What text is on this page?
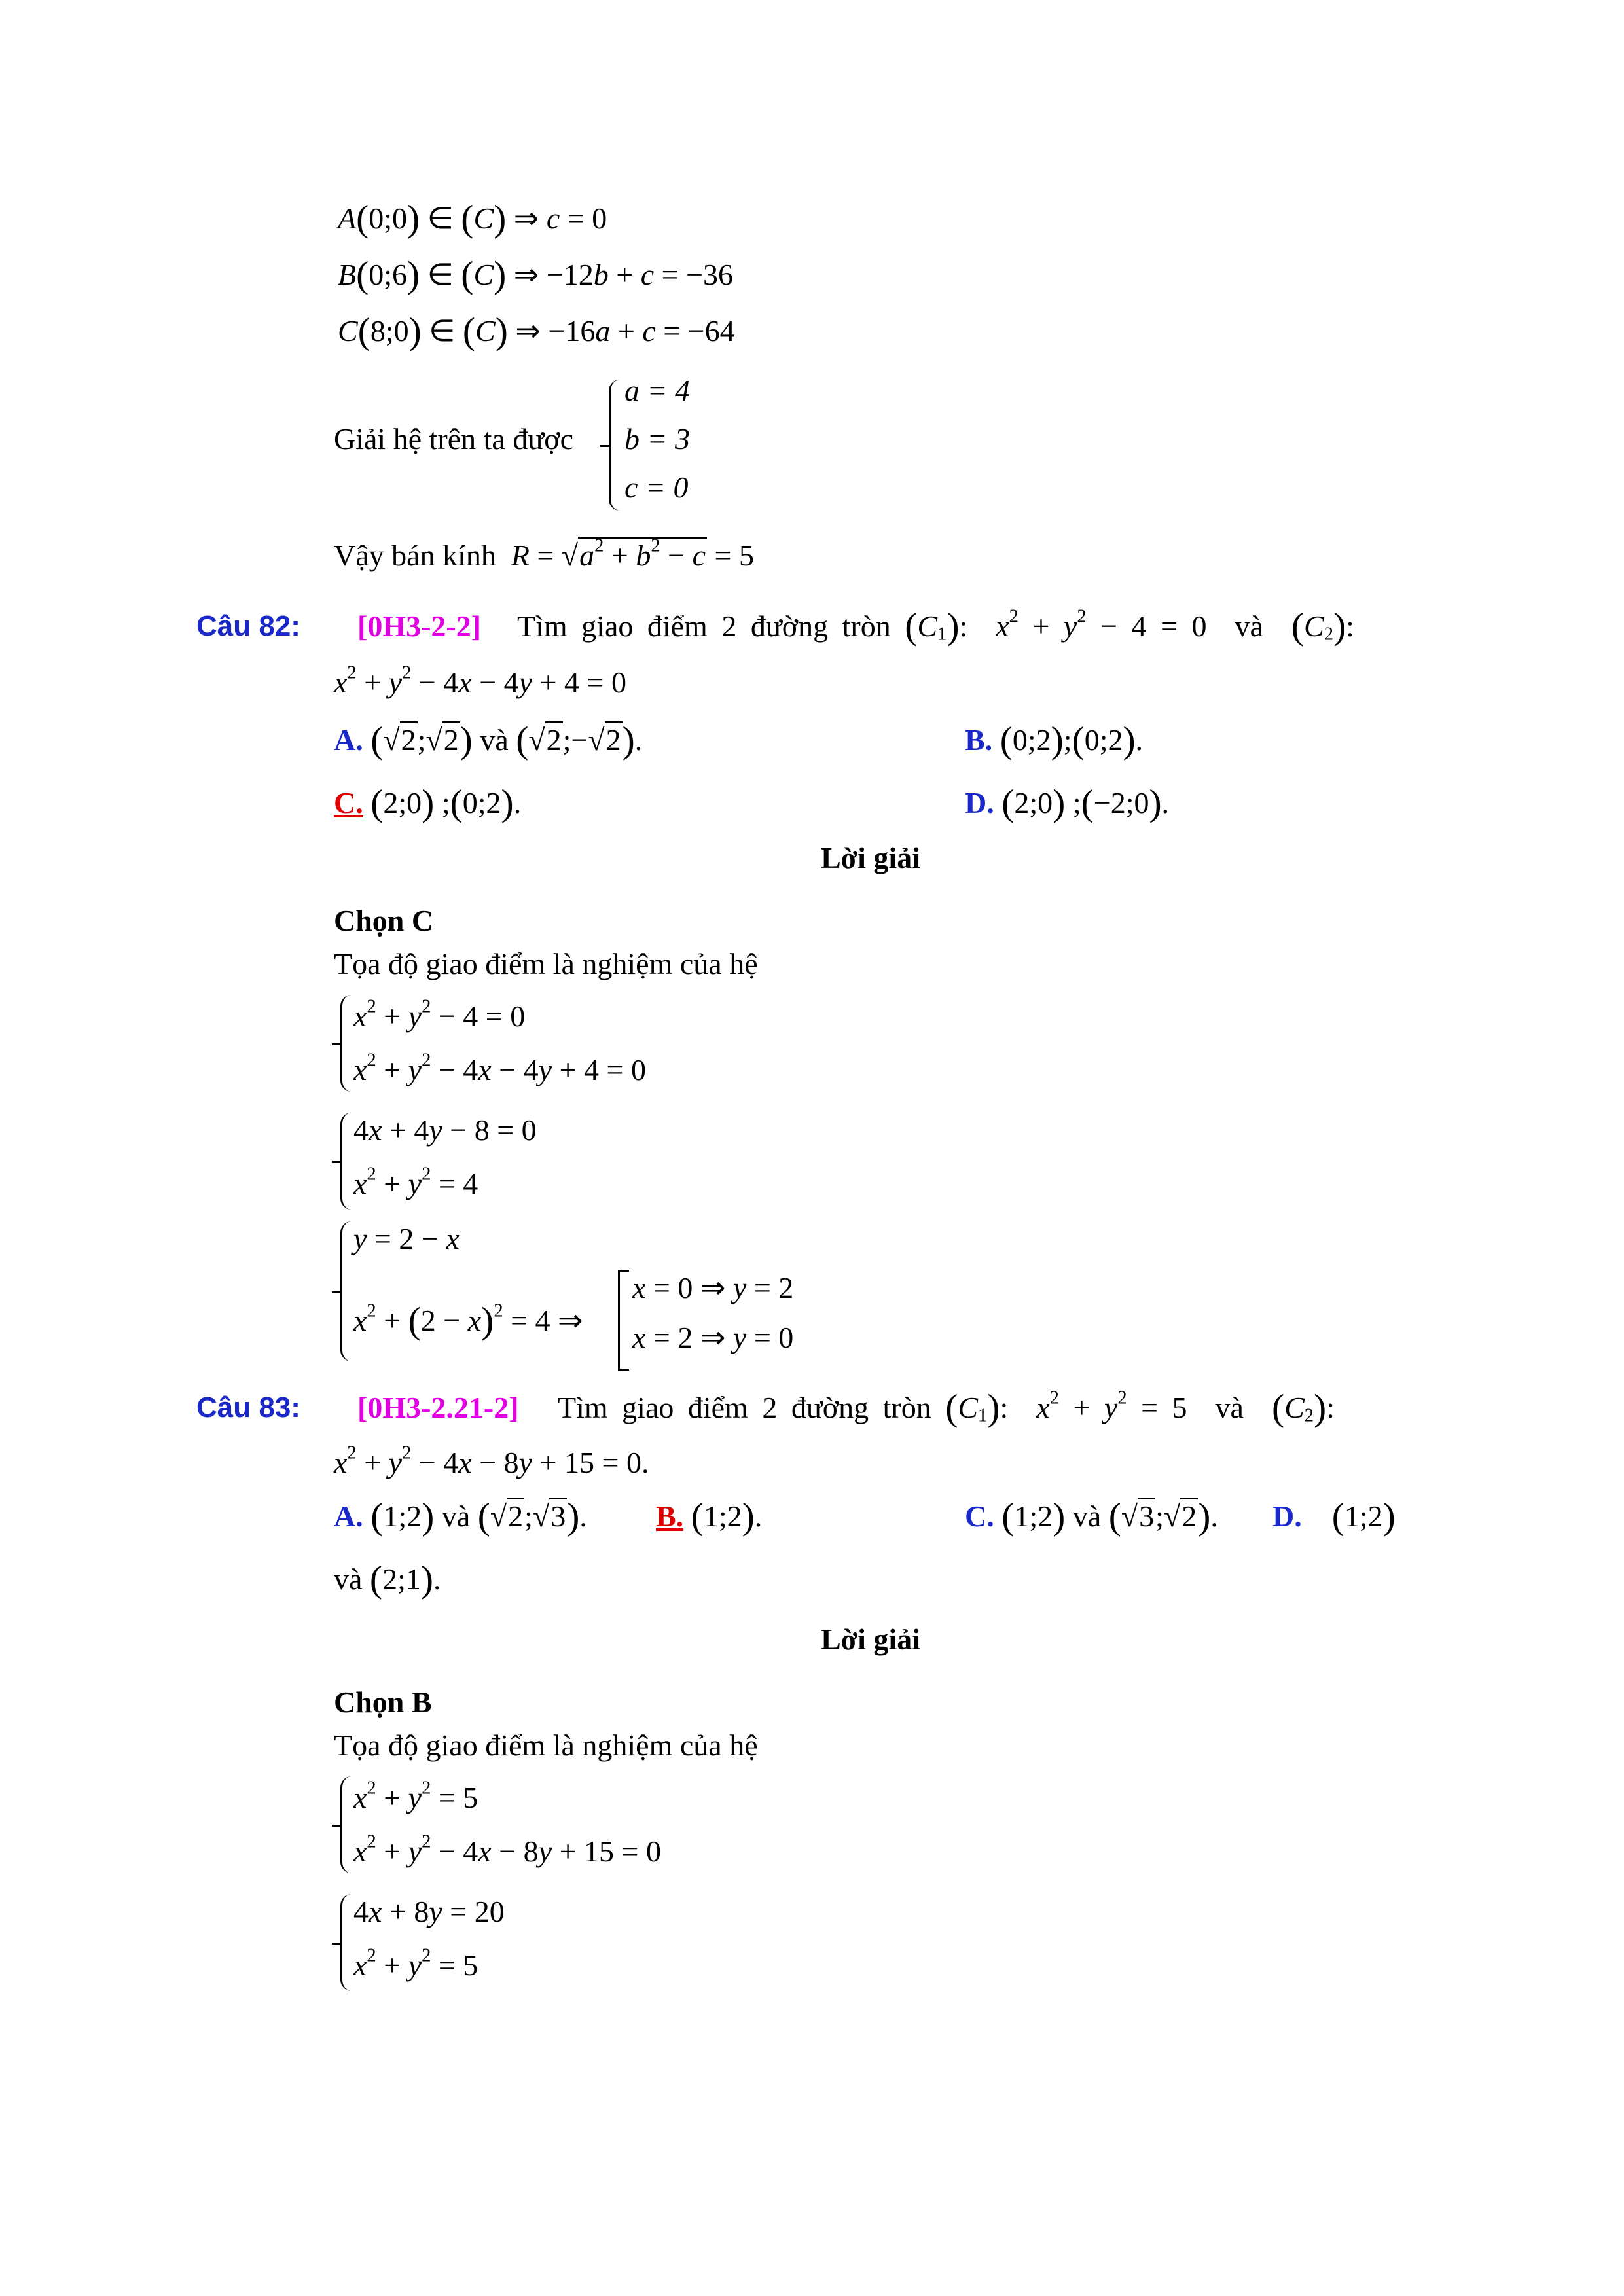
A(0;0) ∈ (C) ⇒ c = 0
B(0;6) ∈ (C) ⇒ −12b + c = −36
C(8;0) ∈ (C) ⇒ −16a + c = −64
Giải hệ trên ta được
a = 4
b = 3
c = 0
Vậy bán kính $R = √a^2 + b^2 - c = 5$
Câu 82: [0H3-2-2] Tìm giao điểm 2 đường tròn $(C_1)$:  $x^2 + y^2 - 4 = 0$  và  $(C_2)$:
$x^2 + y^2 - 4x - 4y + 4 = 0$
A. (√2;√2) và (√2;−√2).	B. (0;2);(0;2).
C. (2;0) ;(0;2).	D. (2;0) ;(−2;0).
Lời giải
Chọn C
Tọa độ giao điểm là nghiệm của hệ
$x^2 + y^2 - 4 = 0$
$x^2 + y^2 - 4x - 4y + 4 = 0$
4x + 4y − 8 = 0
$x^2 + y^2 = 4$
y = 2 − x
$x^2 + (2 - x)^2 = 4$ ⇒
x = 0 ⇒ y = 2
x = 2 ⇒ y = 0
Câu 83: [0H3-2.21-2] Tìm giao điểm 2 đường tròn $(C_1)$:  $x^2 + y^2 = 5$  và  $(C_2)$:
$x^2 + y^2 - 4x - 8y + 15 = 0$.
A. (1;2) và (√2;√3). B. (1;2).	C. (1;2) và (√3;√2). D. (1;2)
và (2;1).
Lời giải
Chọn B
Tọa độ giao điểm là nghiệm của hệ
$x^2 + y^2 = 5$
$x^2 + y^2 - 4x - 8y + 15 = 0$
4x + 8y = 20
$x^2 + y^2 = 5$
